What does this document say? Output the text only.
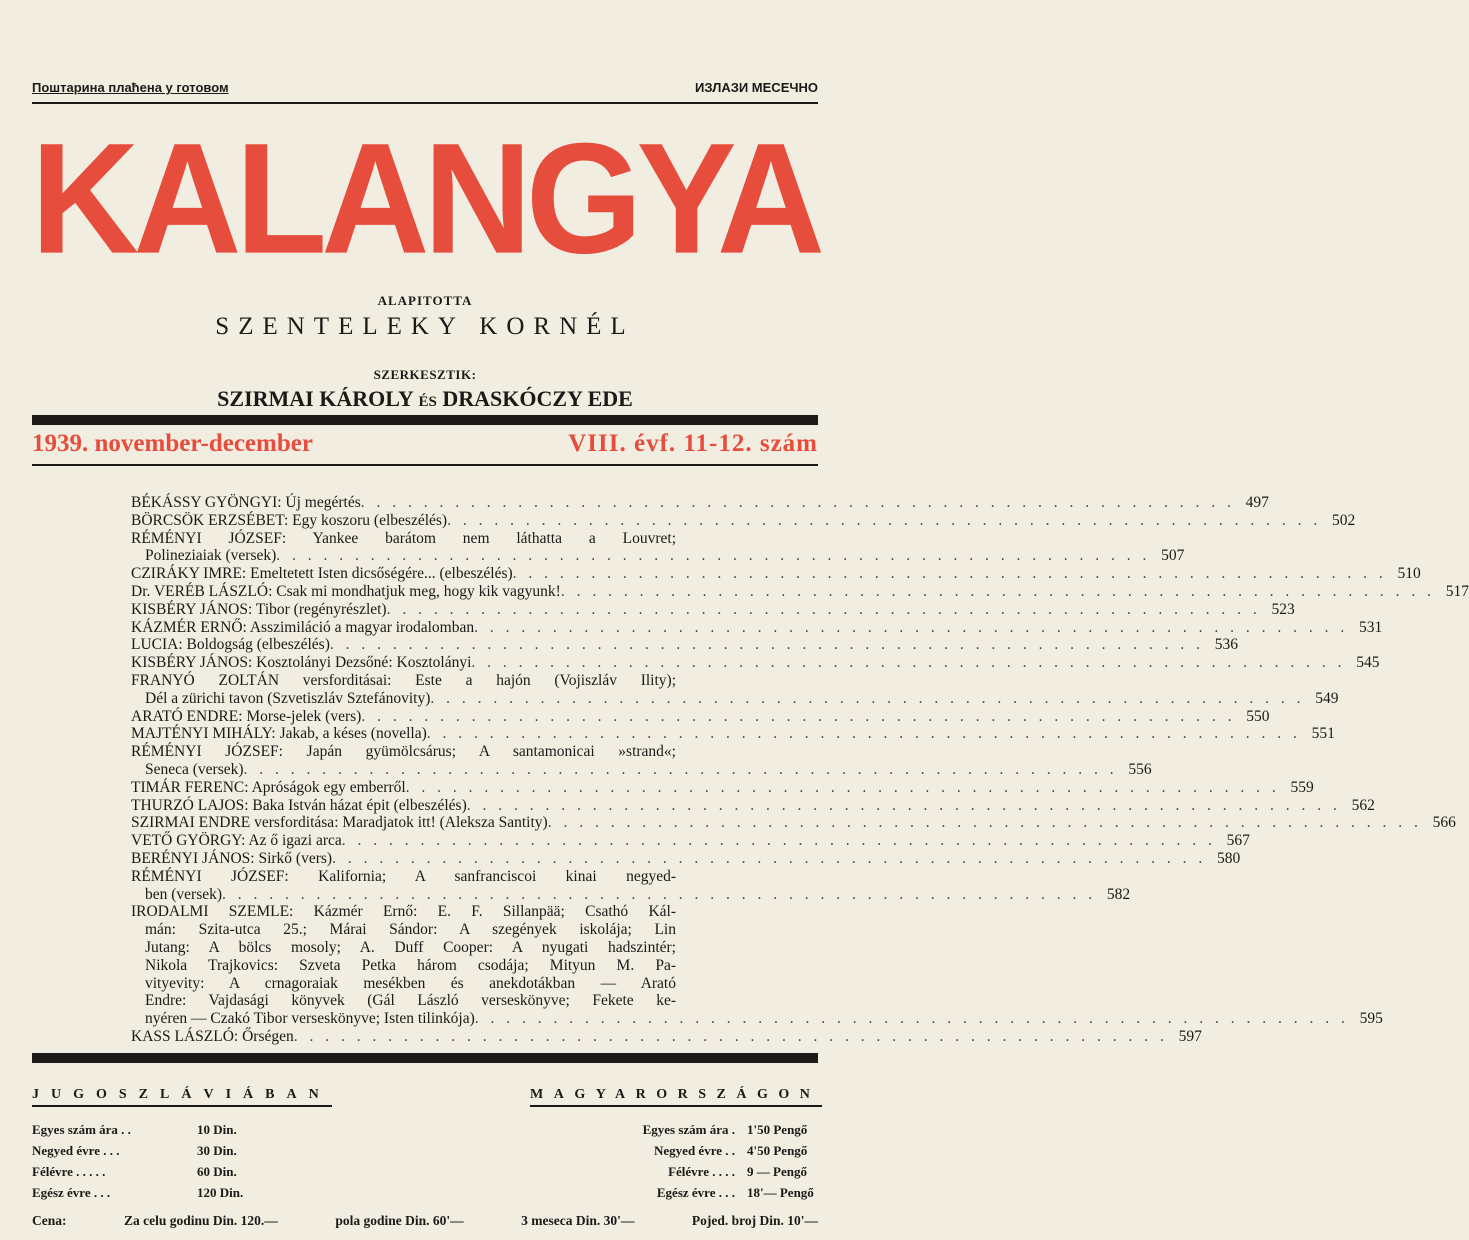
Поштарина плаћена у готовом	ИЗЛАЗИ МЕСЕЧНО
KALANGYA
ALAPITOTTA
SZENTELEKY KORNÉL
SZERKESZTIK:
SZIRMAI KÁROLY ÉS DRASKÓCZY EDE
1939. november-december	VIII. évf. 11-12. szám
BÉKÁSSY GYÖNGYI: Új megértés . . .	497
BÖRCSÖK ERZSÉBET: Egy koszoru (elbeszélés) . . .	502
RÉMÉNYI JÓZSEF: Yankee barátom nem láthatta a Louvret;
Polineziaiak (versek) . . .	507
CZIRÁKY IMRE: Emeltetett Isten dicsőségére... (elbeszélés) . . .	510
Dr. VERÉB LÁSZLÓ: Csak mi mondhatjuk meg, hogy kik vagyunk! . . .	517
KISBÉRY JÁNOS: Tibor (regényrészlet) . . .	523
KÁZMÉR ERNŐ: Asszimiláció a magyar irodalomban . . .	531
LUCIA: Boldogság (elbeszélés) . . .	536
KISBÉRY JÁNOS: Kosztolányi Dezsőné: Kosztolányi . . .	545
FRANYÓ ZOLTÁN versforditásai: Este a hajón (Vojiszláv Ility);
Dél a zürichi tavon (Szvetiszláv Sztefánovity) . . .	549
ARATÓ ENDRE: Morse-jelek (vers) . . .	550
MAJTÉNYI MIHÁLY: Jakab, a késes (novella) . . .	551
RÉMÉNYI JÓZSEF: Japán gyümölcsárus; A santamonicai »strand«;
Seneca (versek) . . .	556
TIMÁR FERENC: Apróságok egy emberről . . .	559
THURZÓ LAJOS: Baka István házat épit (elbeszélés) . . .	562
SZIRMAI ENDRE versforditása: Maradjatok itt! (Aleksza Santity) . . .	566
VETŐ GYÖRGY: Az ő igazi arca . . .	567
BERÉNYI JÁNOS: Sirkő (vers) . . .	580
RÉMÉNYI JÓZSEF: Kalifornia; A sanfranciscoi kinai negyed-
ben (versek) . . .	582
IRODALMI SZEMLE: Kázmér Ernő: E. F. Sillanpää; Csathó Kál-
mán: Szita-utca 25.; Márai Sándor: A szegények iskolája; Lin
Jutang: A bölcs mosoly; A. Duff Cooper: A nyugati hadszintér;
Nikola Trajkovics: Szveta Petka három csodája; Mityun M. Pa-
vityevity: A crnagoraiak mesékben és anekdotákban — Arató
Endre: Vajdasági könyvek (Gál László verseskönyve; Fekete ke-
nyéren — Czakó Tibor verseskönyve; Isten tilinkója) . . .	595
KASS LÁSZLÓ: Őrségen . . .	597
JUGOSZLÁVIÁBAN
Egyes szám ára . .	10 Din.
Negyed évre . . .	30 Din.
Félévre . . . . .	60 Din.
Egész évre . . .	120 Din.
MAGYARORSZÁGON
Egyes szám ára . 1'50 Pengő
Negyed évre . . 4'50 Pengő
Félévre . . . . 9 — Pengő
Egész évre . . . 18'— Pengő
Cena:	Za celu godinu Din. 120.—	pola godine Din. 60'—	3 meseca Din. 30'—	Pojed. broj Din. 10'—
